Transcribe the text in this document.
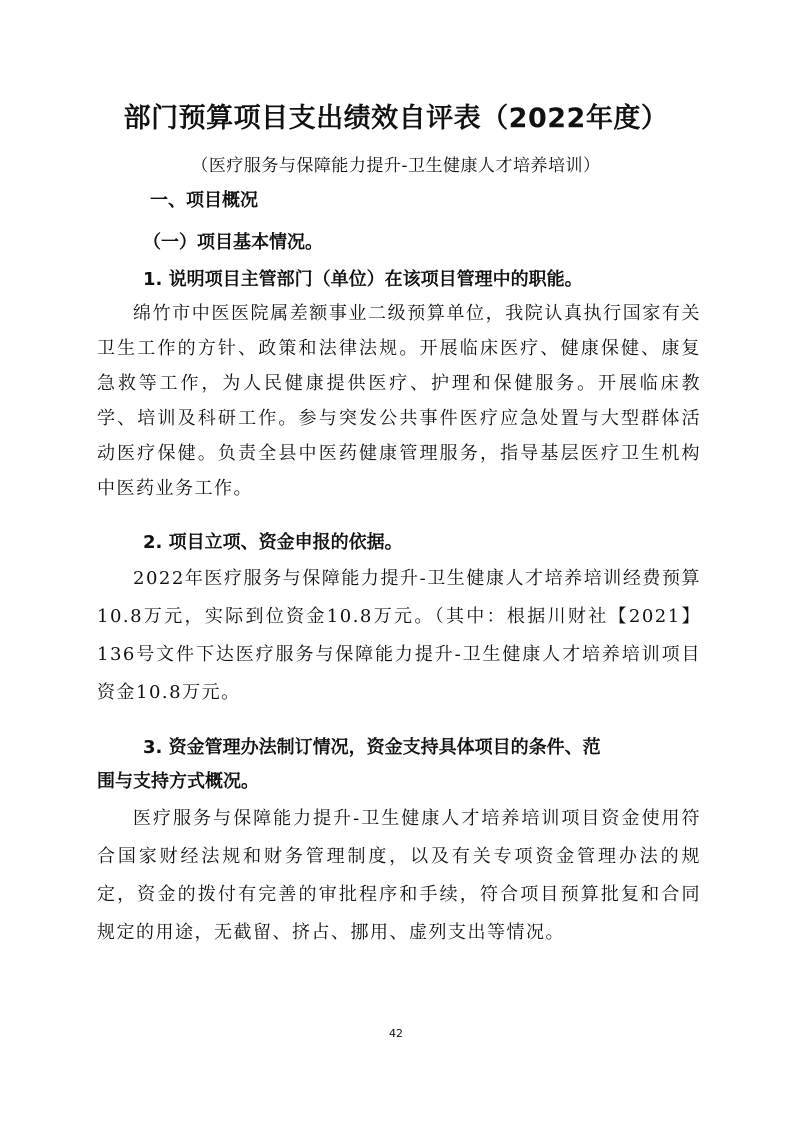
部门预算项目支出绩效自评表（2022年度）
（医疗服务与保障能力提升-卫生健康人才培养培训）
一、项目概况
（一）项目基本情况。
1. 说明项目主管部门（单位）在该项目管理中的职能。
绵竹市中医医院属差额事业二级预算单位，我院认真执行国家有关卫生工作的方针、政策和法律法规。开展临床医疗、健康保健、康复急救等工作，为人民健康提供医疗、护理和保健服务。开展临床教学、培训及科研工作。参与突发公共事件医疗应急处置与大型群体活动医疗保健。负责全县中医药健康管理服务，指导基层医疗卫生机构中医药业务工作。
2. 项目立项、资金申报的依据。
2022年医疗服务与保障能力提升-卫生健康人才培养培训经费预算10.8万元，实际到位资金10.8万元。（其中：根据川财社【2021】136号文件下达医疗服务与保障能力提升-卫生健康人才培养培训项目资金10.8万元。
3. 资金管理办法制订情况，资金支持具体项目的条件、范
围与支持方式概况。
医疗服务与保障能力提升-卫生健康人才培养培训项目资金使用符合国家财经法规和财务管理制度，以及有关专项资金管理办法的规定，资金的拨付有完善的审批程序和手续，符合项目预算批复和合同规定的用途，无截留、挤占、挪用、虚列支出等情况。
42
